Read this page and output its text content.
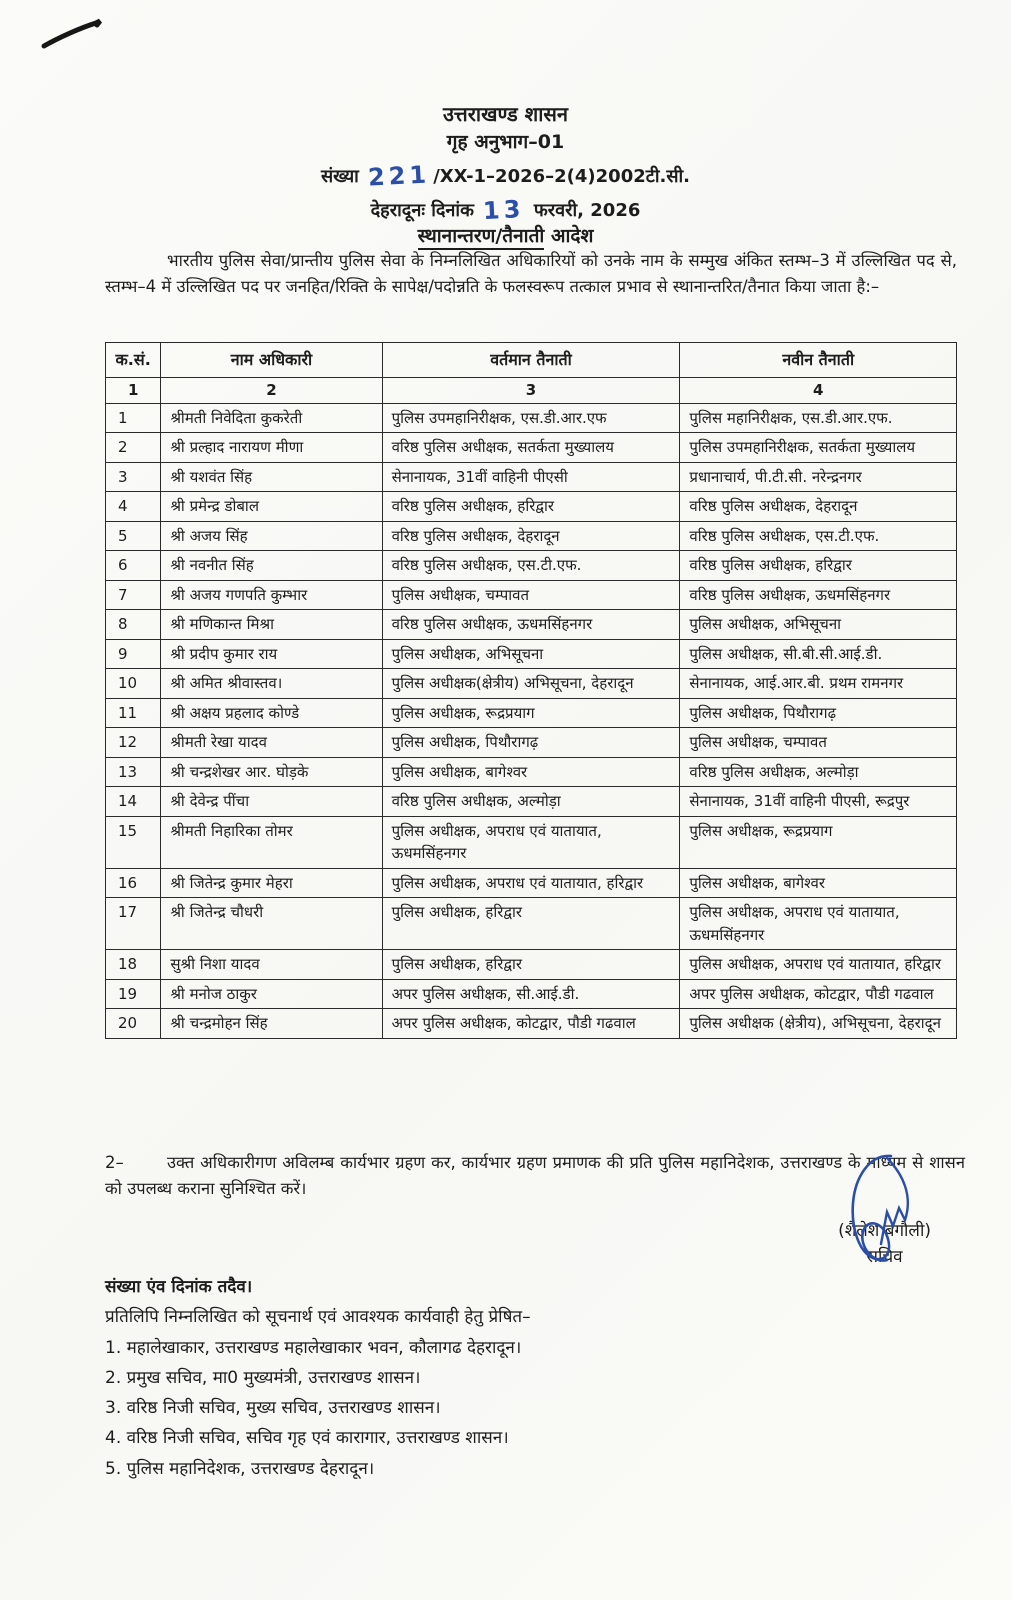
उत्तराखण्ड शासन
गृह अनुभाग–01
संख्या 221 /XX-1–2026–2(4)2002टी.सी.
देहरादूनः दिनांक 13 फरवरी, 2026
स्थानान्तरण/तैनाती आदेश
भारतीय पुलिस सेवा/प्रान्तीय पुलिस सेवा के निम्नलिखित अधिकारियों को उनके नाम के सम्मुख अंकित स्तम्भ–3 में उल्लिखित पद से, स्तम्भ–4 में उल्लिखित पद पर जनहित/रिक्ति के सापेक्ष/पदोन्नति के फलस्वरूप तत्काल प्रभाव से स्थानान्तरित/तैनात किया जाता है:–
क.सं.	नाम अधिकारी	वर्तमान तैनाती	नवीन तैनाती
1	2	3	4
1	श्रीमती निवेदिता कुकरेती	पुलिस उपमहानिरीक्षक, एस.डी.आर.एफ	पुलिस महानिरीक्षक, एस.डी.आर.एफ.
2	श्री प्रल्हाद नारायण मीणा	वरिष्ठ पुलिस अधीक्षक, सतर्कता मुख्यालय	पुलिस उपमहानिरीक्षक, सतर्कता मुख्यालय
3	श्री यशवंत सिंह	सेनानायक, 31वीं वाहिनी पीएसी	प्रधानाचार्य, पी.टी.सी. नरेन्द्रनगर
4	श्री प्रमेन्द्र डोबाल	वरिष्ठ पुलिस अधीक्षक, हरिद्वार	वरिष्ठ पुलिस अधीक्षक, देहरादून
5	श्री अजय सिंह	वरिष्ठ पुलिस अधीक्षक, देहरादून	वरिष्ठ पुलिस अधीक्षक, एस.टी.एफ.
6	श्री नवनीत सिंह	वरिष्ठ पुलिस अधीक्षक, एस.टी.एफ.	वरिष्ठ पुलिस अधीक्षक, हरिद्वार
7	श्री अजय गणपति कुम्भार	पुलिस अधीक्षक, चम्पावत	वरिष्ठ पुलिस अधीक्षक, ऊधमसिंहनगर
8	श्री मणिकान्त मिश्रा	वरिष्ठ पुलिस अधीक्षक, ऊधमसिंहनगर	पुलिस अधीक्षक, अभिसूचना
9	श्री प्रदीप कुमार राय	पुलिस अधीक्षक, अभिसूचना	पुलिस अधीक्षक, सी.बी.सी.आई.डी.
10	श्री अमित श्रीवास्तव।	पुलिस अधीक्षक(क्षेत्रीय) अभिसूचना, देहरादून	सेनानायक, आई.आर.बी. प्रथम रामनगर
11	श्री अक्षय प्रहलाद कोण्डे	पुलिस अधीक्षक, रूद्रप्रयाग	पुलिस अधीक्षक, पिथौरागढ़
12	श्रीमती रेखा यादव	पुलिस अधीक्षक, पिथौरागढ़	पुलिस अधीक्षक, चम्पावत
13	श्री चन्द्रशेखर आर. घोड़के	पुलिस अधीक्षक, बागेश्वर	वरिष्ठ पुलिस अधीक्षक, अल्मोड़ा
14	श्री देवेन्द्र पींचा	वरिष्ठ पुलिस अधीक्षक, अल्मोड़ा	सेनानायक, 31वीं वाहिनी पीएसी, रूद्रपुर
15	श्रीमती निहारिका तोमर	पुलिस अधीक्षक, अपराध एवं यातायात, ऊधमसिंहनगर	पुलिस अधीक्षक, रूद्रप्रयाग
16	श्री जितेन्द्र कुमार मेहरा	पुलिस अधीक्षक, अपराध एवं यातायात, हरिद्वार	पुलिस अधीक्षक, बागेश्वर
17	श्री जितेन्द्र चौधरी	पुलिस अधीक्षक, हरिद्वार	पुलिस अधीक्षक, अपराध एवं यातायात, ऊधमसिंहनगर
18	सुश्री निशा यादव	पुलिस अधीक्षक, हरिद्वार	पुलिस अधीक्षक, अपराध एवं यातायात, हरिद्वार
19	श्री मनोज ठाकुर	अपर पुलिस अधीक्षक, सी.आई.डी.	अपर पुलिस अधीक्षक, कोटद्वार, पौडी गढवाल
20	श्री चन्द्रमोहन सिंह	अपर पुलिस अधीक्षक, कोटद्वार, पौडी गढवाल	पुलिस अधीक्षक (क्षेत्रीय), अभिसूचना, देहरादून
2–	उक्त अधिकारीगण अविलम्ब कार्यभार ग्रहण कर, कार्यभार ग्रहण प्रमाणक की प्रति पुलिस महानिदेशक, उत्तराखण्ड के माध्यम से शासन को उपलब्ध कराना सुनिश्चित करें।
(शैलेश बगौली)
सचिव
संख्या एंव दिनांक तदैव।
प्रतिलिपि निम्नलिखित को सूचनार्थ एवं आवश्यक कार्यवाही हेतु प्रेषित–
1. महालेखाकार, उत्तराखण्ड महालेखाकार भवन, कौलागढ देहरादून।
2. प्रमुख सचिव, मा0 मुख्यमंत्री, उत्तराखण्ड शासन।
3. वरिष्ठ निजी सचिव, मुख्य सचिव, उत्तराखण्ड शासन।
4. वरिष्ठ निजी सचिव, सचिव गृह एवं कारागार, उत्तराखण्ड शासन।
5. पुलिस महानिदेशक, उत्तराखण्ड देहरादून।
